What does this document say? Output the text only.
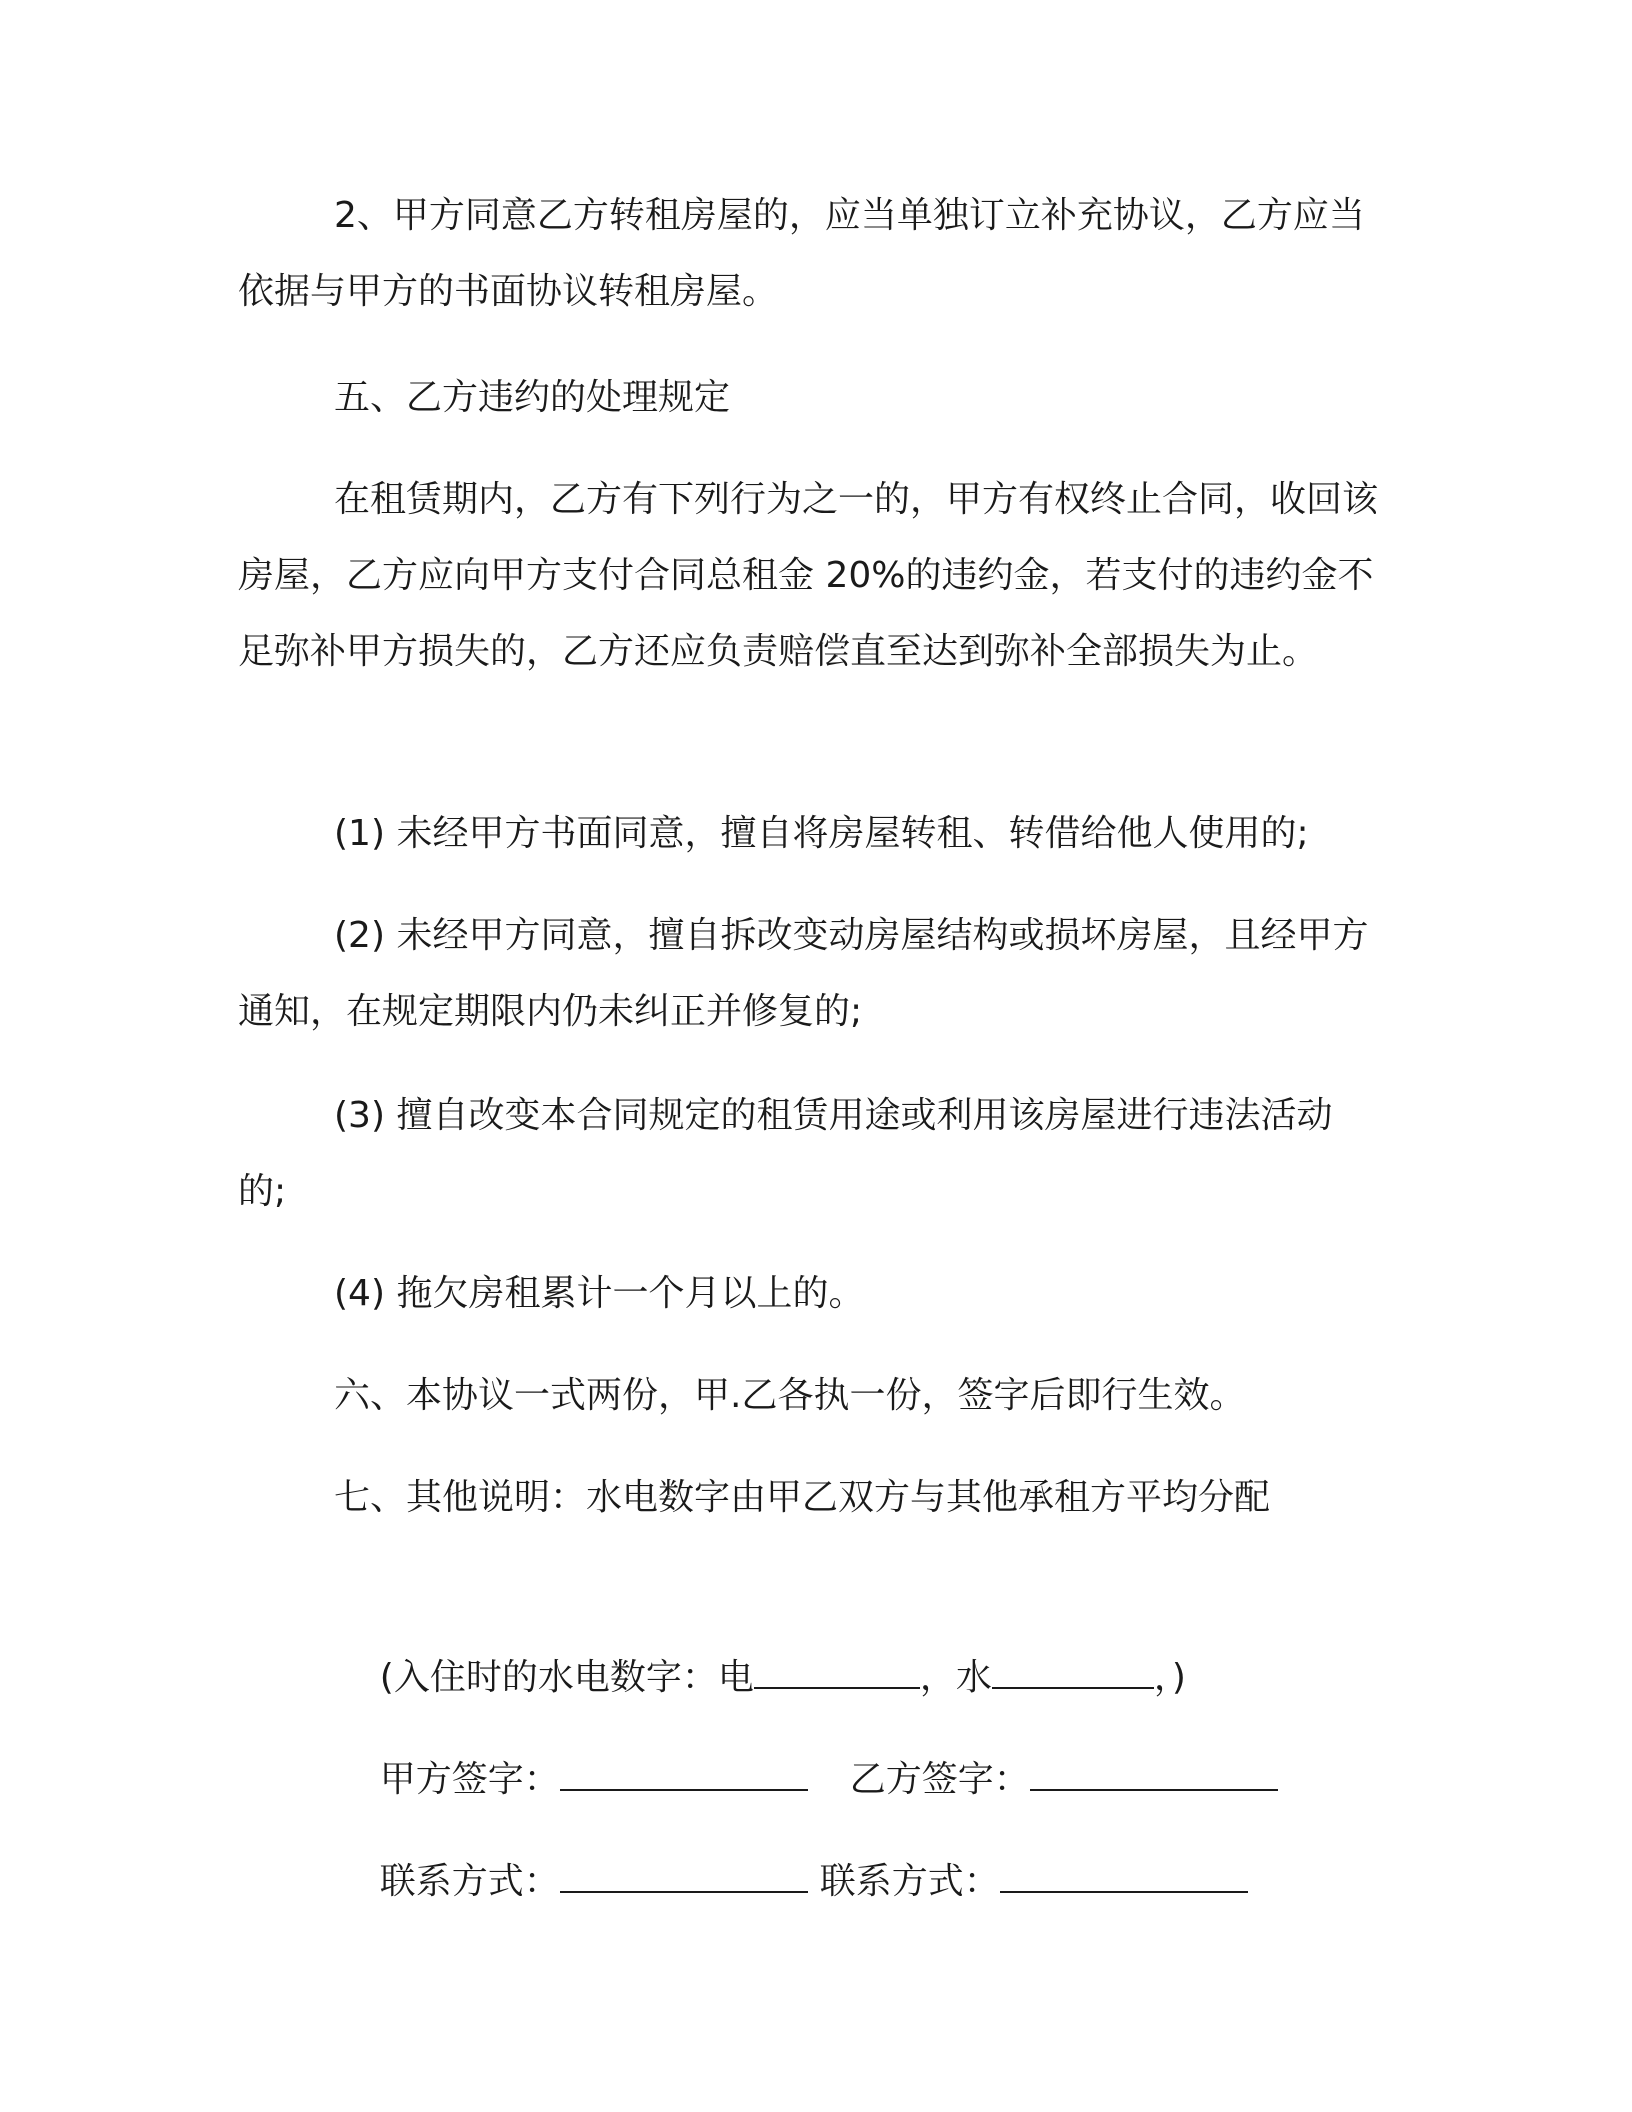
2、甲方同意乙方转租房屋的，应当单独订立补充协议，乙方应当依据与甲方的书面协议转租房屋。

五、乙方违约的处理规定

在租赁期内，乙方有下列行为之一的，甲方有权终止合同，收回该房屋，乙方应向甲方支付合同总租金 20%的违约金，若支付的违约金不足弥补甲方损失的，乙方还应负责赔偿直至达到弥补全部损失为止。

(1) 未经甲方书面同意，擅自将房屋转租、转借给他人使用的;

(2) 未经甲方同意，擅自拆改变动房屋结构或损坏房屋，且经甲方通知，在规定期限内仍未纠正并修复的;

(3) 擅自改变本合同规定的租赁用途或利用该房屋进行违法活动的;

(4) 拖欠房租累计一个月以上的。

六、本协议一式两份，甲.乙各执一份，签字后即行生效。

七、其他说明：水电数字由甲乙双方与其他承租方平均分配

(入住时的水电数字：电	，水	，)

甲方签字：	乙方签字：

联系方式：	联系方式：
